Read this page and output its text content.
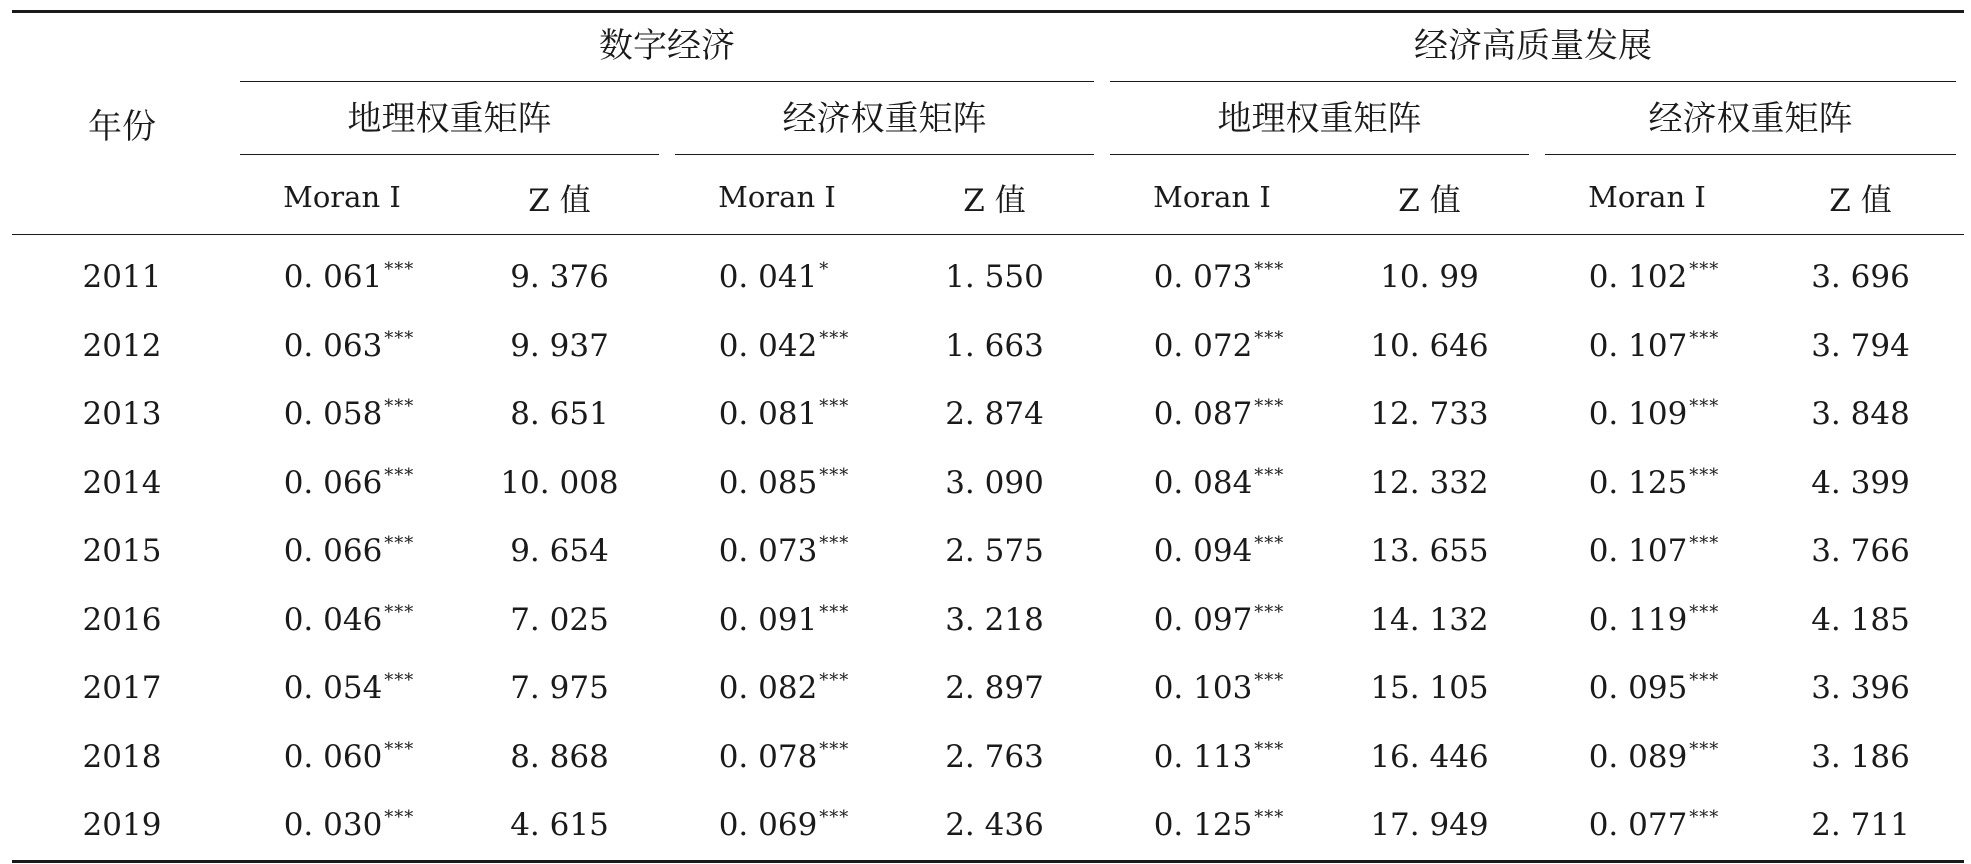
年份	数字经济				经济高质量发展			

	地理权重矩阵		经济权重矩阵		地理权重矩阵		经济权重矩阵	

	Moran I	Z 值	Moran I	Z 值	Moran I	Z 值	Moran I	Z 值
2011	0. 061 ***	9. 376	0. 041 *	1. 550	0. 073 ***	10. 99	0. 102 ***	3. 696
2012	0. 063 ***	9. 937	0. 042 ***	1. 663	0. 072 ***	10. 646	0. 107 ***	3. 794
2013	0. 058 ***	8. 651	0. 081 ***	2. 874	0. 087 ***	12. 733	0. 109 ***	3. 848
2014	0. 066 ***	10. 008	0. 085 ***	3. 090	0. 084 ***	12. 332	0. 125 ***	4. 399
2015	0. 066 ***	9. 654	0. 073 ***	2. 575	0. 094 ***	13. 655	0. 107 ***	3. 766
2016	0. 046 ***	7. 025	0. 091 ***	3. 218	0. 097 ***	14. 132	0. 119 ***	4. 185
2017	0. 054 ***	7. 975	0. 082 ***	2. 897	0. 103 ***	15. 105	0. 095 ***	3. 396
2018	0. 060 ***	8. 868	0. 078 ***	2. 763	0. 113 ***	16. 446	0. 089 ***	3. 186
2019	0. 030 ***	4. 615	0. 069 ***	2. 436	0. 125 ***	17. 949	0. 077 ***	2. 711
